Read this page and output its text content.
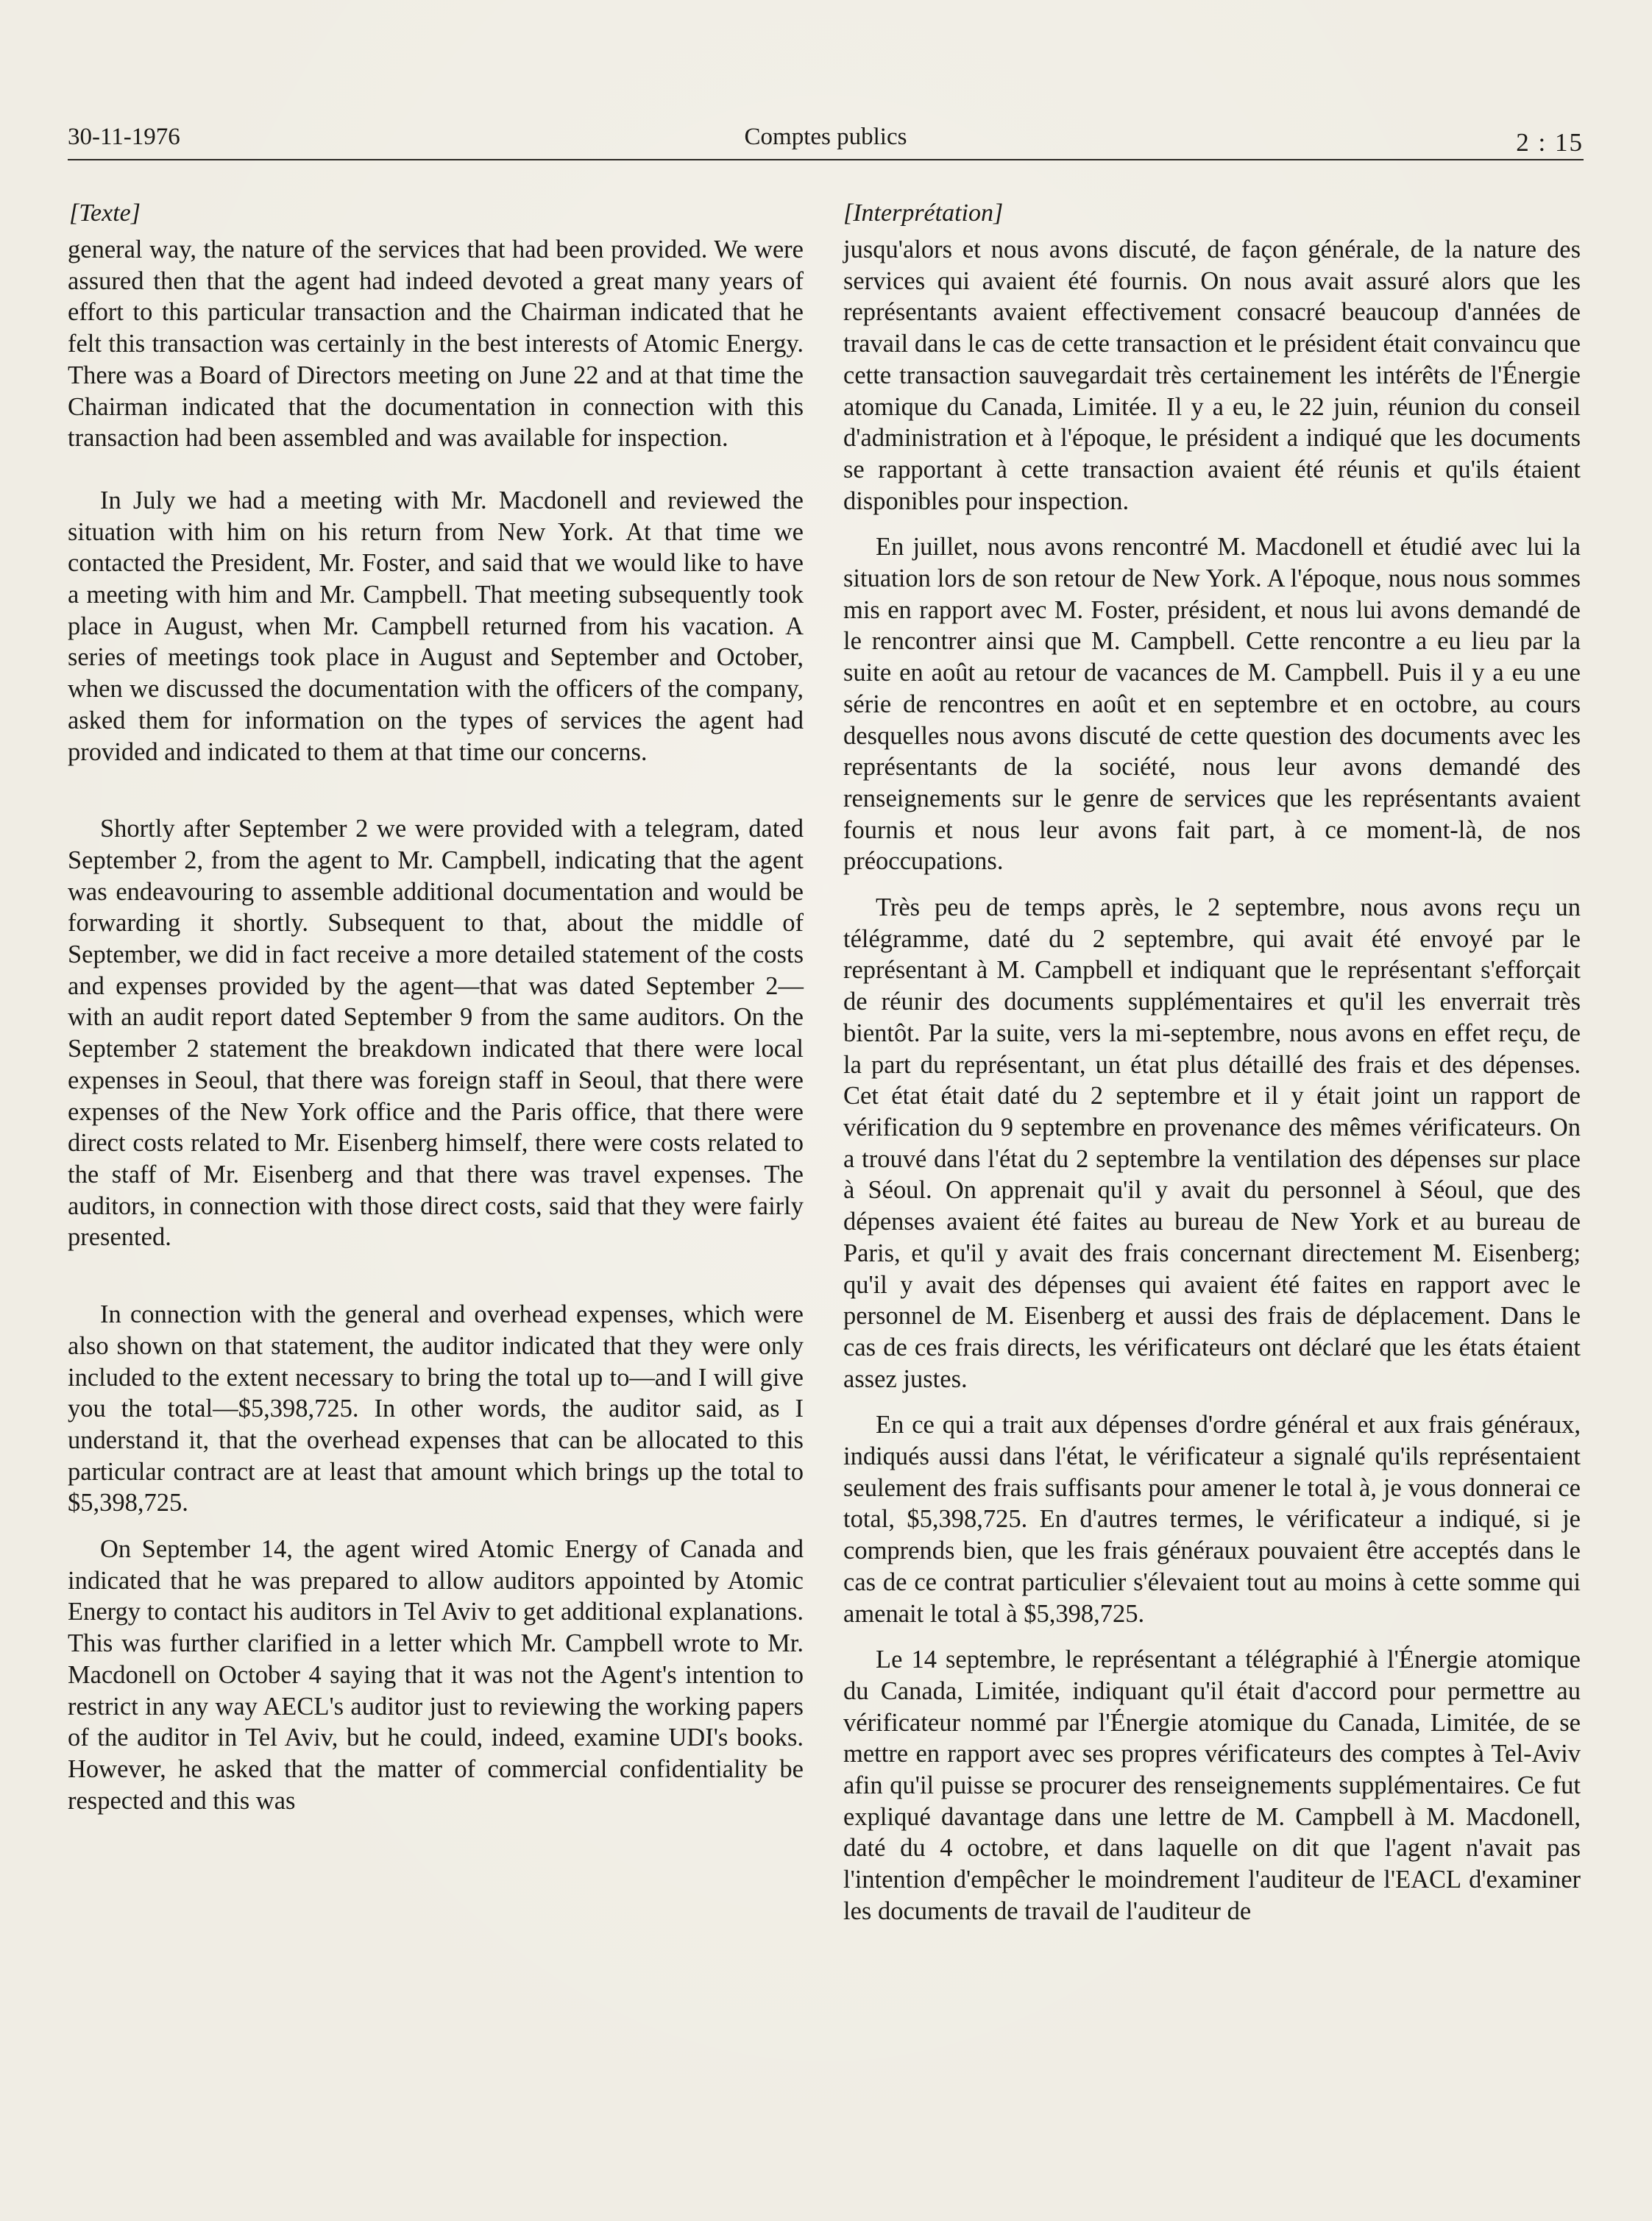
30-11-1976	Comptes publics	2 : 15
[Texte]

general way, the nature of the services that had been provided. We were assured then that the agent had indeed devoted a great many years of effort to this particular transaction and the Chairman indicated that he felt this transaction was certainly in the best interests of Atomic Energy. There was a Board of Directors meeting on June 22 and at that time the Chairman indicated that the documentation in connection with this transaction had been assembled and was available for inspection.

In July we had a meeting with Mr. Macdonell and reviewed the situation with him on his return from New York. At that time we contacted the President, Mr. Foster, and said that we would like to have a meeting with him and Mr. Campbell. That meeting subsequently took place in August, when Mr. Campbell returned from his vacation. A series of meetings took place in August and September and October, when we discussed the documentation with the officers of the company, asked them for information on the types of services the agent had provided and indicated to them at that time our concerns.

Shortly after September 2 we were provided with a telegram, dated September 2, from the agent to Mr. Campbell, indicating that the agent was endeavouring to assemble additional documentation and would be forwarding it shortly. Subsequent to that, about the middle of September, we did in fact receive a more detailed statement of the costs and expenses provided by the agent—that was dated September 2—with an audit report dated September 9 from the same auditors. On the September 2 statement the breakdown indicated that there were local expenses in Seoul, that there was foreign staff in Seoul, that there were expenses of the New York office and the Paris office, that there were direct costs related to Mr. Eisenberg himself, there were costs related to the staff of Mr. Eisenberg and that there was travel expenses. The auditors, in connection with those direct costs, said that they were fairly presented.

In connection with the general and overhead expenses, which were also shown on that statement, the auditor indicated that they were only included to the extent necessary to bring the total up to—and I will give you the total—$5,398,725. In other words, the auditor said, as I understand it, that the overhead expenses that can be allocated to this particular contract are at least that amount which brings up the total to $5,398,725.

On September 14, the agent wired Atomic Energy of Canada and indicated that he was prepared to allow auditors appointed by Atomic Energy to contact his auditors in Tel Aviv to get additional explanations. This was further clarified in a letter which Mr. Campbell wrote to Mr. Macdonell on October 4 saying that it was not the Agent's intention to restrict in any way AECL's auditor just to reviewing the working papers of the auditor in Tel Aviv, but he could, indeed, examine UDI's books. However, he asked that the matter of commercial confidentiality be respected and this was

[Interprétation]

jusqu'alors et nous avons discuté, de façon générale, de la nature des services qui avaient été fournis. On nous avait assuré alors que les représentants avaient effectivement consacré beaucoup d'années de travail dans le cas de cette transaction et le président était convaincu que cette transaction sauvegardait très certainement les intérêts de l'Énergie atomique du Canada, Limitée. Il y a eu, le 22 juin, réunion du conseil d'administration et à l'époque, le président a indiqué que les documents se rapportant à cette transaction avaient été réunis et qu'ils étaient disponibles pour inspection.

En juillet, nous avons rencontré M. Macdonell et étudié avec lui la situation lors de son retour de New York. A l'époque, nous nous sommes mis en rapport avec M. Foster, président, et nous lui avons demandé de le rencontrer ainsi que M. Campbell. Cette rencontre a eu lieu par la suite en août au retour de vacances de M. Campbell. Puis il y a eu une série de rencontres en août et en septembre et en octobre, au cours desquelles nous avons discuté de cette question des documents avec les représentants de la société, nous leur avons demandé des renseignements sur le genre de services que les représentants avaient fournis et nous leur avons fait part, à ce moment-là, de nos préoccupations.

Très peu de temps après, le 2 septembre, nous avons reçu un télégramme, daté du 2 septembre, qui avait été envoyé par le représentant à M. Campbell et indiquant que le représentant s'efforçait de réunir des documents supplémentaires et qu'il les enverrait très bientôt. Par la suite, vers la mi-septembre, nous avons en effet reçu, de la part du représentant, un état plus détaillé des frais et des dépenses. Cet état était daté du 2 septembre et il y était joint un rapport de vérification du 9 septembre en provenance des mêmes vérificateurs. On a trouvé dans l'état du 2 septembre la ventilation des dépenses sur place à Séoul. On apprenait qu'il y avait du personnel à Séoul, que des dépenses avaient été faites au bureau de New York et au bureau de Paris, et qu'il y avait des frais concernant directement M. Eisenberg; qu'il y avait des dépenses qui avaient été faites en rapport avec le personnel de M. Eisenberg et aussi des frais de déplacement. Dans le cas de ces frais directs, les vérificateurs ont déclaré que les états étaient assez justes.

En ce qui a trait aux dépenses d'ordre général et aux frais généraux, indiqués aussi dans l'état, le vérificateur a signalé qu'ils représentaient seulement des frais suffisants pour amener le total à, je vous donnerai ce total, $5,398,725. En d'autres termes, le vérificateur a indiqué, si je comprends bien, que les frais généraux pouvaient être acceptés dans le cas de ce contrat particulier s'élevaient tout au moins à cette somme qui amenait le total à $5,398,725.

Le 14 septembre, le représentant a télégraphié à l'Énergie atomique du Canada, Limitée, indiquant qu'il était d'accord pour permettre au vérificateur nommé par l'Énergie atomique du Canada, Limitée, de se mettre en rapport avec ses propres vérificateurs des comptes à Tel-Aviv afin qu'il puisse se procurer des renseignements supplémentaires. Ce fut expliqué davantage dans une lettre de M. Campbell à M. Macdonell, daté du 4 octobre, et dans laquelle on dit que l'agent n'avait pas l'intention d'empêcher le moindrement l'auditeur de l'EACL d'examiner les documents de travail de l'auditeur de
